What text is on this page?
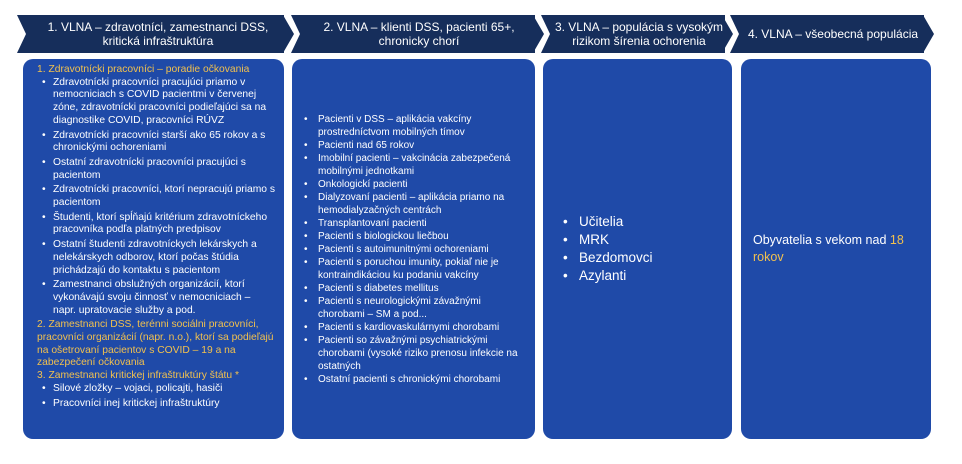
1. VLNA – zdravotníci, zamestnanci DSS,
kritická infraštruktúra
2. VLNA – klienti DSS, pacienti 65+,
chronicky chorí
3. VLNA – populácia s vysokým
rizikom šírenia ochorenia	4. VLNA – všeobecná populácia
1. Zdravotnícki pracovníci – poradie očkovania
• Zdravotnícki pracovníci pracujúci priamo v nemocniciach s COVID pacientmi v červenej zóne, zdravotnícki pracovníci podieľajúci sa na diagnostike COVID, pracovníci RÚVZ
• Zdravotnícki pracovníci starší ako 65 rokov a s chronickými ochoreniami
• Ostatní zdravotnícki pracovníci pracujúci s pacientom
• Zdravotnícki pracovníci, ktorí nepracujú priamo s pacientom
• Študenti, ktorí spĺňajú kritérium zdravotníckeho pracovníka podľa platných predpisov
• Ostatní študenti zdravotníckych lekárskych a nelekárskych odborov, ktorí počas štúdia prichádzajú do kontaktu s pacientom
• Zamestnanci obslužných organizácií, ktorí vykonávajú svoju činnosť v nemocniciach – napr. upratovacie služby a pod.
2. Zamestnanci DSS, terénni sociálni pracovníci, pracovníci organizácií (napr. n.o.), ktorí sa podieľajú na ošetrovaní pacientov s COVID – 19 a na zabezpečení očkovania
3. Zamestnanci kritickej infraštruktúry štátu *
• Silové zložky – vojaci, policajti, hasiči
• Pracovníci inej kritickej infraštruktúry
• Pacienti v DSS – aplikácia vakcíny prostredníctvom mobilných tímov
• Pacienti nad 65 rokov
• Imobilní pacienti – vakcinácia zabezpečená mobilnými jednotkami
• Onkologickí pacienti
• Dialyzovaní pacienti – aplikácia priamo na hemodialyzačných centrách
• Transplantovaní pacienti
• Pacienti s biologickou liečbou
• Pacienti s autoimunitnými ochoreniami
• Pacienti s poruchou imunity, pokiaľ nie je kontraindikáciou ku podaniu vakcíny
• Pacienti s diabetes mellitus
• Pacienti s neurologickými závažnými chorobami – SM a pod...
• Pacienti s kardiovaskulárnymi chorobami
• Pacienti so závažnými psychiatrickými chorobami (vysoké riziko prenosu infekcie na ostatných
• Ostatní pacienti s chronickými chorobami
• Učitelia
• MRK
• Bezdomovci
• Azylanti
Obyvatelia s vekom nad 18 rokov
